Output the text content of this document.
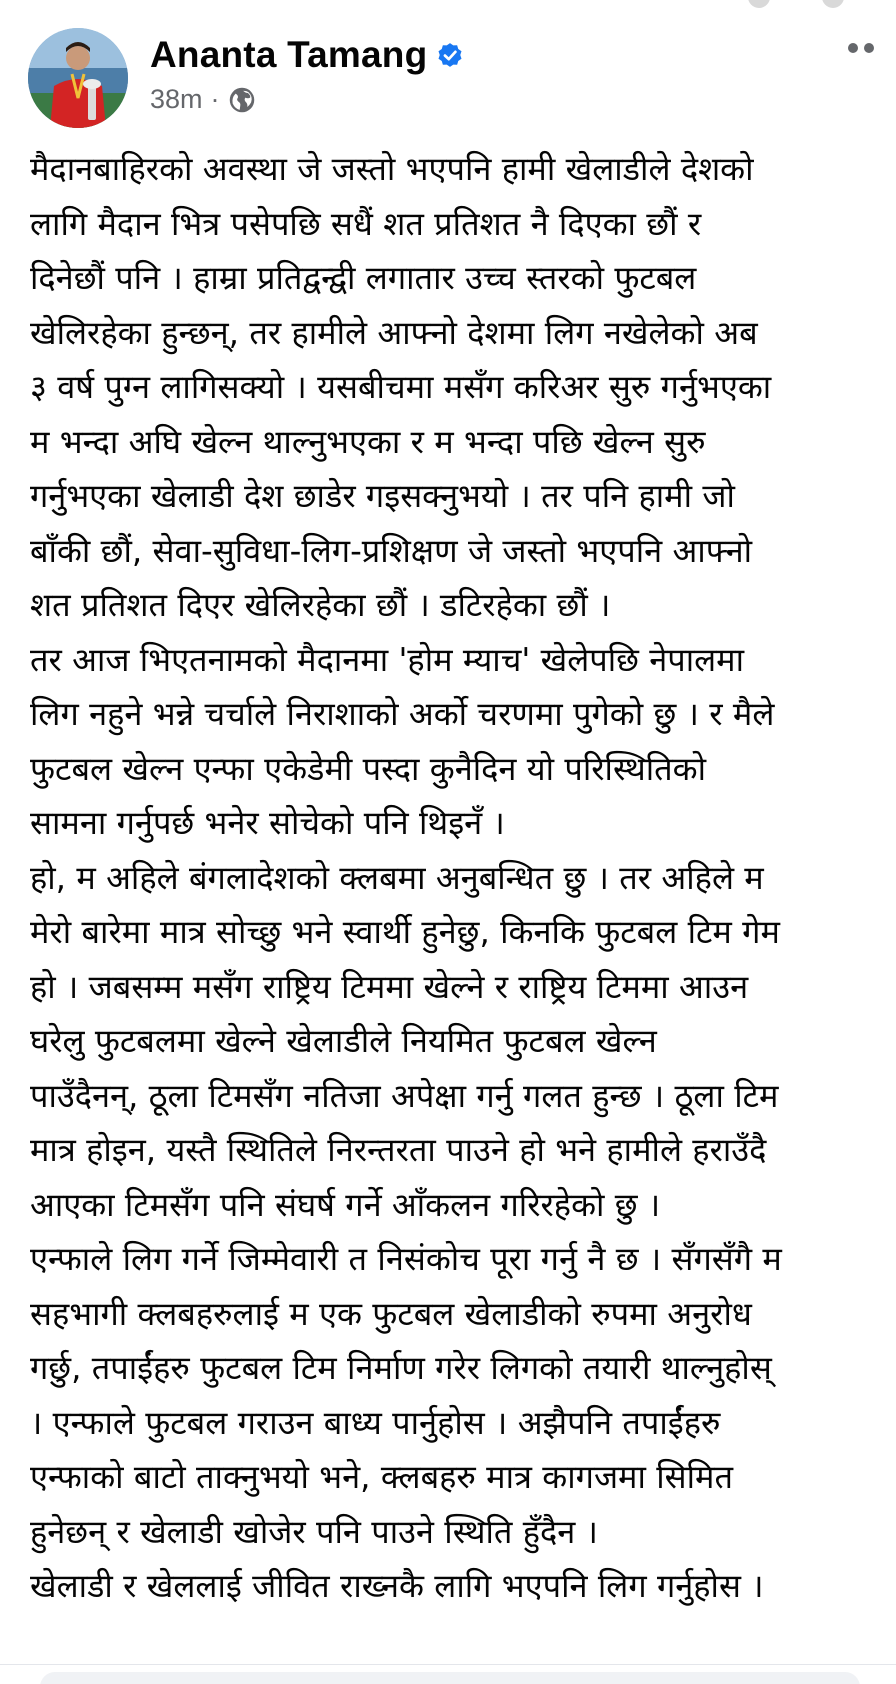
Ananta Tamang
38m ·
मैदानबाहिरको अवस्था जे जस्तो भएपनि हामी खेलाडीले देशको
लागि मैदान भित्र पसेपछि सधैं शत प्रतिशत नै दिएका छौं र
दिनेछौं पनि । हाम्रा प्रतिद्वन्द्वी लगातार उच्च स्तरको फुटबल
खेलिरहेका हुन्छन्, तर हामीले आफ्नो देशमा लिग नखेलेको अब
३ वर्ष पुग्न लागिसक्यो । यसबीचमा मसँग करिअर सुरु गर्नुभएका
म भन्दा अघि खेल्न थाल्नुभएका र म भन्दा पछि खेल्न सुरु
गर्नुभएका खेलाडी देश छाडेर गइसक्नुभयो । तर पनि हामी जो
बाँकी छौं, सेवा-सुविधा-लिग-प्रशिक्षण जे जस्तो भएपनि आफ्नो
शत प्रतिशत दिएर खेलिरहेका छौं । डटिरहेका छौं ।
तर आज भिएतनामको मैदानमा 'होम म्याच' खेलेपछि नेपालमा
लिग नहुने भन्ने चर्चाले निराशाको अर्को चरणमा पुगेको छु । र मैले
फुटबल खेल्न एन्फा एकेडेमी पस्दा कुनैदिन यो परिस्थितिको
सामना गर्नुपर्छ भनेर सोचेको पनि थिइनँ ।
हो, म अहिले बंगलादेशको क्लबमा अनुबन्धित छु । तर अहिले म
मेरो बारेमा मात्र सोच्छु भने स्वार्थी हुनेछु, किनकि फुटबल टिम गेम
हो । जबसम्म मसँग राष्ट्रिय टिममा खेल्ने र राष्ट्रिय टिममा आउन
घरेलु फुटबलमा खेल्ने खेलाडीले नियमित फुटबल खेल्न
पाउँदैनन्, ठूला टिमसँग नतिजा अपेक्षा गर्नु गलत हुन्छ । ठूला टिम
मात्र होइन, यस्तै स्थितिले निरन्तरता पाउने हो भने हामीले हराउँदै
आएका टिमसँग पनि संघर्ष गर्ने आँकलन गरिरहेको छु ।
एन्फाले लिग गर्ने जिम्मेवारी त निसंकोच पूरा गर्नु नै छ । सँगसँगै म
सहभागी क्लबहरुलाई म एक फुटबल खेलाडीको रुपमा अनुरोध
गर्छु, तपाईंहरु फुटबल टिम निर्माण गरेर लिगको तयारी थाल्नुहोस्
। एन्फाले फुटबल गराउन बाध्य पार्नुहोस । अझैपनि तपाईंहरु
एन्फाको बाटो ताक्नुभयो भने, क्लबहरु मात्र कागजमा सिमित
हुनेछन् र खेलाडी खोजेर पनि पाउने स्थिति हुँदैन ।
खेलाडी र खेललाई जीवित राख्नकै लागि भएपनि लिग गर्नुहोस ।
